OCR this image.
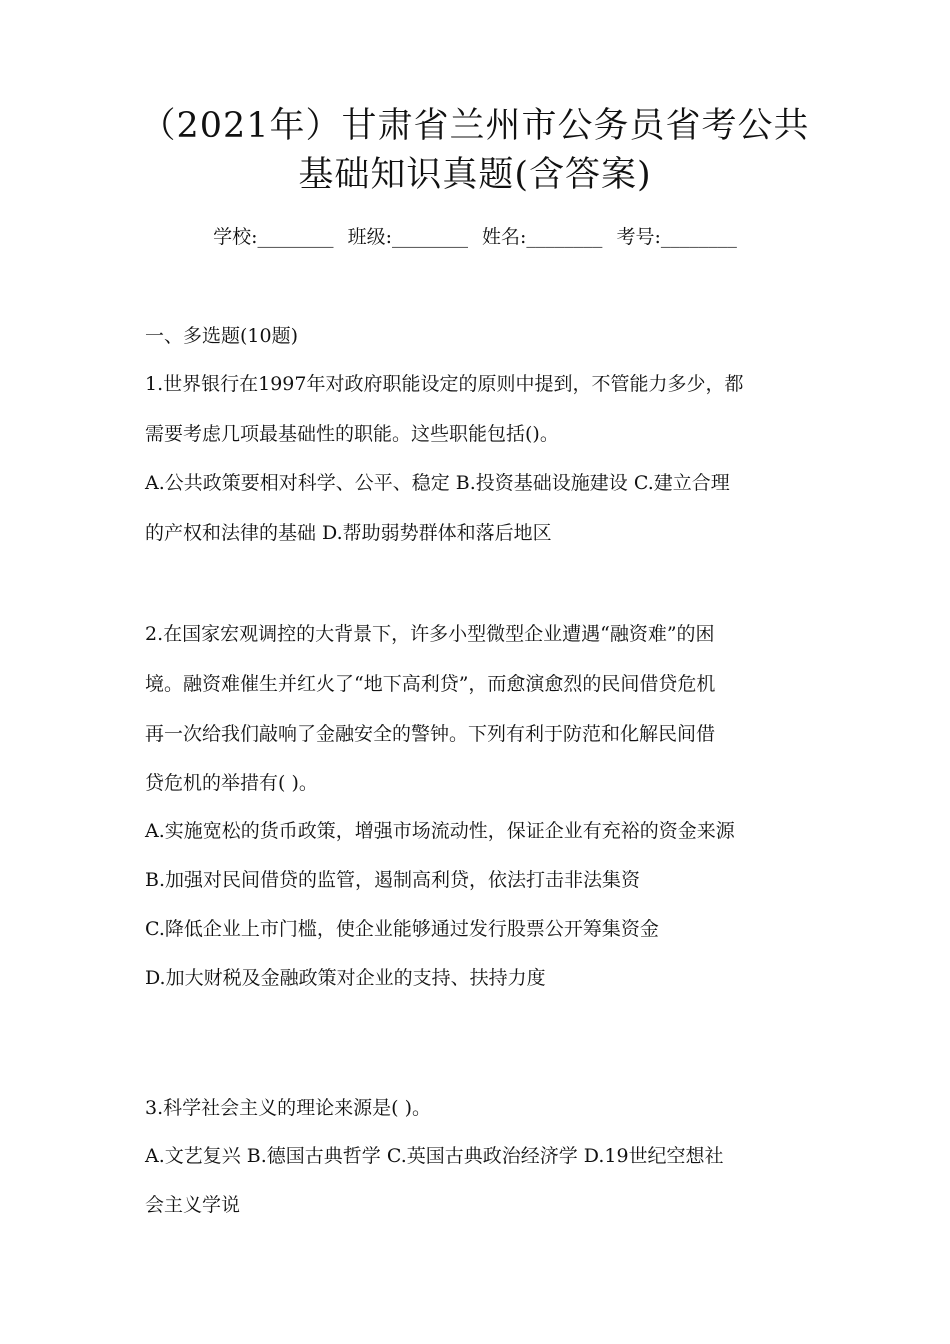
（2021年）甘肃省兰州市公务员省考公共
基础知识真题(含答案)
学校:________ 班级:________ 姓名:________ 考号:________
一、多选题(10题)
1.世界银行在1997年对政府职能设定的原则中提到，不管能力多少，都
需要考虑几项最基础性的职能。这些职能包括()。
A.公共政策要相对科学、公平、稳定 B.投资基础设施建设 C.建立合理
的产权和法律的基础 D.帮助弱势群体和落后地区
2.在国家宏观调控的大背景下，许多小型微型企业遭遇“融资难”的困
境。融资难催生并红火了“地下高利贷”，而愈演愈烈的民间借贷危机
再一次给我们敲响了金融安全的警钟。下列有利于防范和化解民间借
贷危机的举措有( )。
A.实施宽松的货币政策，增强市场流动性，保证企业有充裕的资金来源
B.加强对民间借贷的监管，遏制高利贷，依法打击非法集资
C.降低企业上市门槛，使企业能够通过发行股票公开筹集资金
D.加大财税及金融政策对企业的支持、扶持力度
3.科学社会主义的理论来源是( )。
A.文艺复兴 B.德国古典哲学 C.英国古典政治经济学 D.19世纪空想社
会主义学说
